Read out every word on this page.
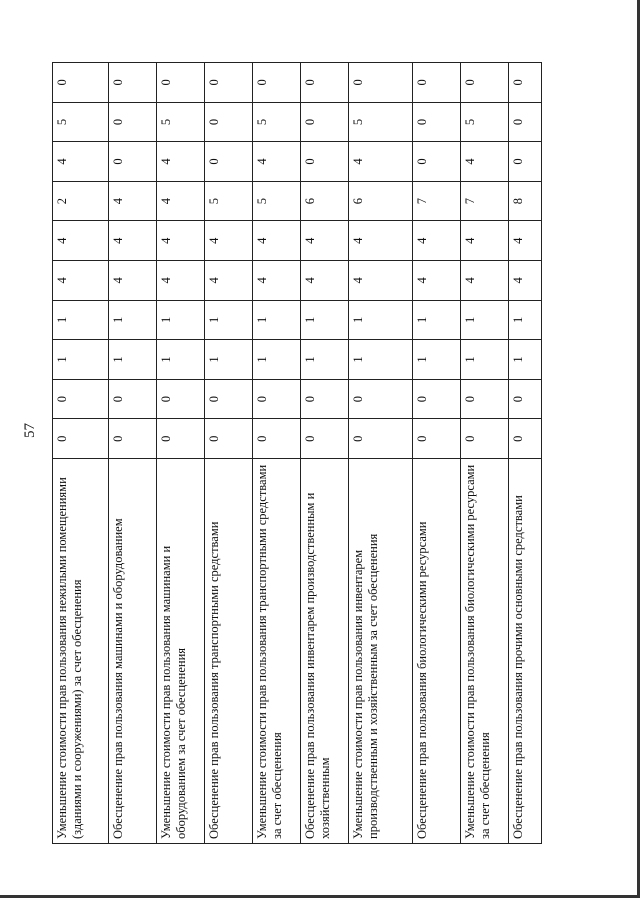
57
Уменьшение стоимости прав пользования нежилыми помещениями (зданиями и сооружениями) за счет обесценения	0	0	1	1	4	4	2	4	5	0
Обесценение прав пользования машинами и оборудованием	0	0	1	1	4	4	4	0	0	0
Уменьшение стоимости прав пользования машинами и оборудованием за счет обесценения	0	0	1	1	4	4	4	4	5	0
Обесценение прав пользования транспортными средствами	0	0	1	1	4	4	5	0	0	0
Уменьшение стоимости прав пользования транспортными средствами за счет обесценения	0	0	1	1	4	4	5	4	5	0
Обесценение прав пользования инвентарем производственным и хозяйственным	0	0	1	1	4	4	6	0	0	0
Уменьшение стоимости прав пользования инвентарем производственным и хозяйственным за счет обесценения	0	0	1	1	4	4	6	4	5	0
Обесценение прав пользования биологическими ресурсами	0	0	1	1	4	4	7	0	0	0
Уменьшение стоимости прав пользования биологическими ресурсами за счет обесценения	0	0	1	1	4	4	7	4	5	0
Обесценение прав пользования прочими основными средствами	0	0	1	1	4	4	8	0	0	0
